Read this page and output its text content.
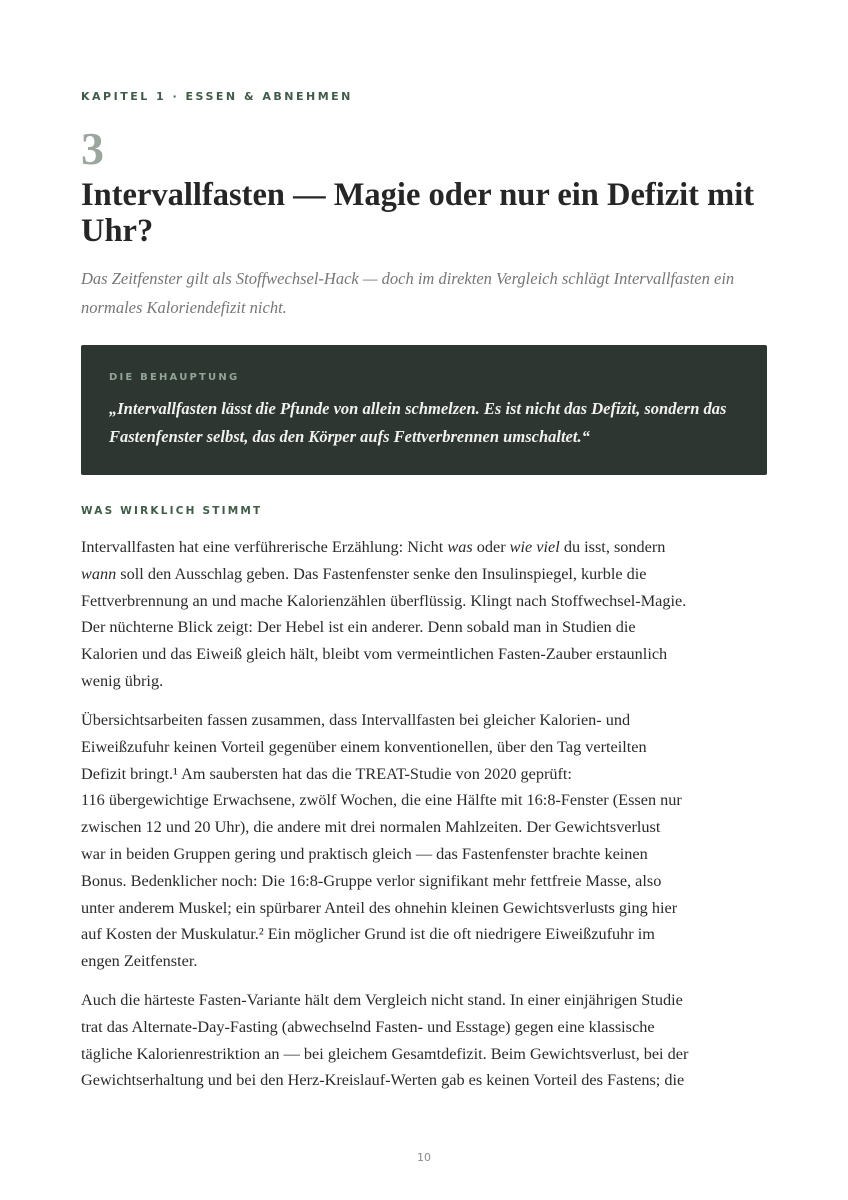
KAPITEL 1 · ESSEN & ABNEHMEN
3
Intervallfasten — Magie oder nur ein Defizit mit Uhr?
Das Zeitfenster gilt als Stoffwechsel-Hack — doch im direkten Vergleich schlägt Intervallfasten ein normales Kaloriendefizit nicht.
DIE BEHAUPTUNG
„Intervallfasten lässt die Pfunde von allein schmelzen. Es ist nicht das Defizit, sondern das Fastenfenster selbst, das den Körper aufs Fettverbrennen umschaltet.“
WAS WIRKLICH STIMMT

Intervallfasten hat eine verführerische Erzählung: Nicht was oder wie viel du isst, sondern

wann soll den Ausschlag geben. Das Fastenfenster senke den Insulinspiegel, kurble die

Fettverbrennung an und mache Kalorienzählen überflüssig. Klingt nach Stoffwechsel-Magie.

Der nüchterne Blick zeigt: Der Hebel ist ein anderer. Denn sobald man in Studien die

Kalorien und das Eiweiß gleich hält, bleibt vom vermeintlichen Fasten-Zauber erstaunlich

wenig übrig.

Übersichtsarbeiten fassen zusammen, dass Intervallfasten bei gleicher Kalorien- und

Eiweißzufuhr keinen Vorteil gegenüber einem konventionellen, über den Tag verteilten

Defizit bringt.¹ Am saubersten hat das die TREAT-Studie von 2020 geprüft:

116 übergewichtige Erwachsene, zwölf Wochen, die eine Hälfte mit 16:8-Fenster (Essen nur

zwischen 12 und 20 Uhr), die andere mit drei normalen Mahlzeiten. Der Gewichtsverlust

war in beiden Gruppen gering und praktisch gleich — das Fastenfenster brachte keinen

Bonus. Bedenklicher noch: Die 16:8-Gruppe verlor signifikant mehr fettfreie Masse, also

unter anderem Muskel; ein spürbarer Anteil des ohnehin kleinen Gewichtsverlusts ging hier

auf Kosten der Muskulatur.² Ein möglicher Grund ist die oft niedrigere Eiweißzufuhr im

engen Zeitfenster.

Auch die härteste Fasten-Variante hält dem Vergleich nicht stand. In einer einjährigen Studie

trat das Alternate-Day-Fasting (abwechselnd Fasten- und Esstage) gegen eine klassische

tägliche Kalorienrestriktion an — bei gleichem Gesamtdefizit. Beim Gewichtsverlust, bei der

Gewichtserhaltung und bei den Herz-Kreislauf-Werten gab es keinen Vorteil des Fastens; die

10
